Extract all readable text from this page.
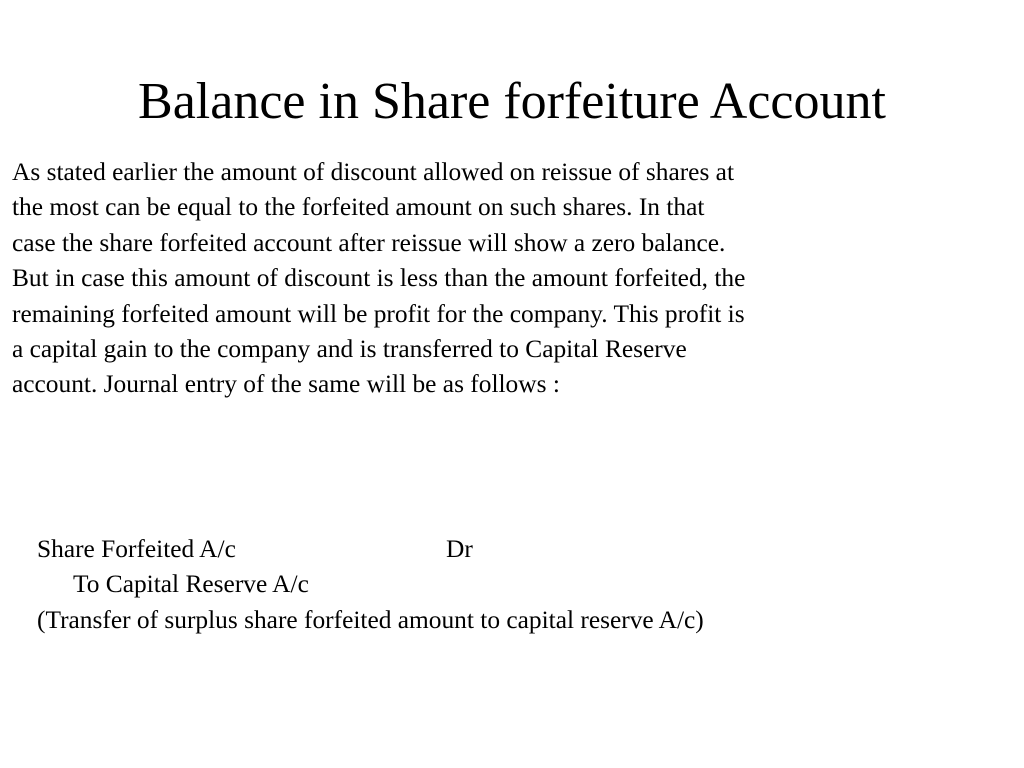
Balance in Share forfeiture Account

As stated earlier the amount of discount allowed on reissue of shares at
the most can be equal to the forfeited amount on such shares. In that
case the share forfeited account after reissue will show a zero balance.
But in case this amount of discount is less than the amount forfeited, the
remaining forfeited amount will be profit for the company. This profit is
a capital gain to the company and is transferred to Capital Reserve
account. Journal entry of the same will be as follows :

Share Forfeited A/c	Dr
To Capital Reserve A/c
(Transfer of surplus share forfeited amount to capital reserve A/c)
